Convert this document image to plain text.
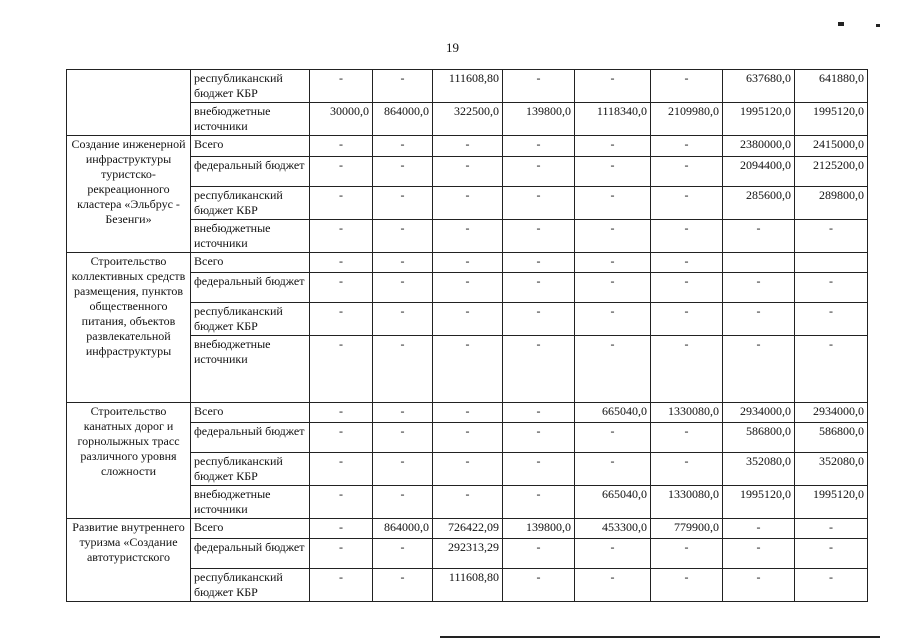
19
	республиканский бюджет КБР	-	-	111608,80	-	-	-	637680,0	641880,0
	внебюджетные источники	30000,0	864000,0	322500,0	139800,0	1118340,0	2109980,0	1995120,0	1995120,0
Создание инженерной инфраструктуры туристско-рекреационного кластера «Эльбрус - Безенги»	Всего	-	-	-	-	-	-	2380000,0	2415000,0
	федеральный бюджет	-	-	-	-	-	-	2094400,0	2125200,0
	республиканский бюджет КБР	-	-	-	-	-	-	285600,0	289800,0
	внебюджетные источники	-	-	-	-	-	-	-	-
Строительство коллективных средств размещения, пунктов общественного питания, объектов развлекательной инфраструктуры	Всего	-	-	-	-	-	-		
	федеральный бюджет	-	-	-	-	-	-	-	-
	республиканский бюджет КБР	-	-	-	-	-	-	-	-
	внебюджетные источники	-	-	-	-	-	-	-	-
Строительство канатных дорог и горнолыжных трасс различного уровня сложности	Всего	-	-	-	-	665040,0	1330080,0	2934000,0	2934000,0
	федеральный бюджет	-	-	-	-	-	-	586800,0	586800,0
	республиканский бюджет КБР	-	-	-	-	-	-	352080,0	352080,0
	внебюджетные источники	-	-	-	-	665040,0	1330080,0	1995120,0	1995120,0
Развитие внутреннего туризма «Создание автотуристского	Всего	-	864000,0	726422,09	139800,0	453300,0	779900,0	-	-
	федеральный бюджет	-	-	292313,29	-	-	-	-	-
	республиканский бюджет КБР	-	-	111608,80	-	-	-	-	-
